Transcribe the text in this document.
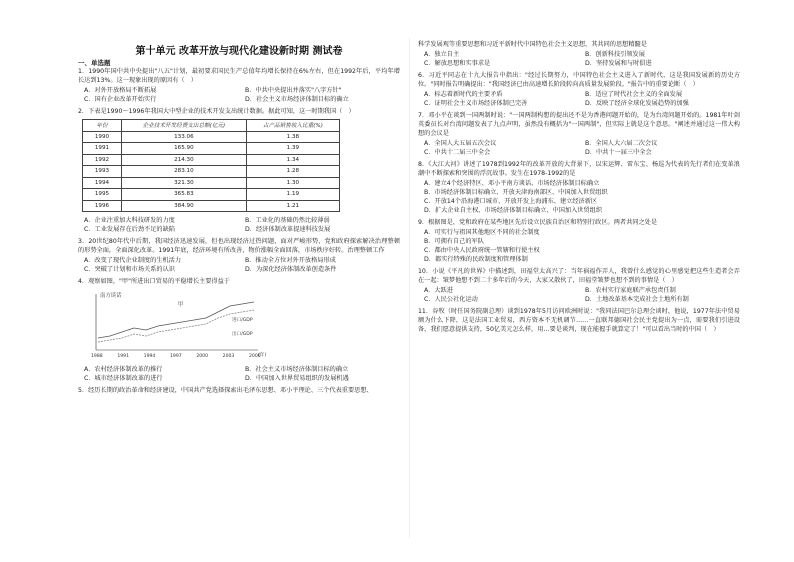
第十单元 改革开放与现代化建设新时期 测试卷
一、单选题

1．1990年国中共中央提出"八五"计划，最初要求国民生产总值年均增长保持在6%左右，但在1992年后，平均年增长达到13%。这一现象出现的原因有（　）

A．对外开放格局不断拓展	B．中共中央提出并落实"八字方针"
C．国有企业改革开始实行	D．社会主义市场经济体制目标的确立

2．下表是1990～1996年我国大中型企业的技术开发支出统计数据。据此可知，这一时期我国（　）

年份	企业技术开发经费支出总额(亿元)	占产品销售收入比重(%)
1990	133.06	1.38
1991	165.90	1.39
1992	214.30	1.34
1993	283.10	1.28
1994	321.30	1.30
1995	365.83	1.19
1996	384.90	1.21
A．企业注重加大科技研发的力度	B．工业化的基础仍然比较薄弱
C．工业发展存在后劲不足的缺陷	D．经济体制改革提速科技发展

3．20世纪80年代中后期，我国经济迅速发展，但也出现经济过热问题，面对严峻形势，党和政府探索解决治理整顿的形势全面，全面深化改革。1991年底，经济环境有所改善，物价涨幅全面回落，市场秩序好转。治理整顿工作

A．改变了现代企业制度的生机活力	B．推动全方位对外开放格局形成
C．突破了计划和市场关系的认识	D．为深化经济体制改革创造条件

4．观察如图，"甲"所进出口贸易的平稳增长主要得益于

南方谈话
甲
进口/GDP
出口/GDP
1988	1991	1994	1997	2000	2003	2006
(年)
A．农村经济体制改革的推行	B．社会主义市场经济体制目标的确立
C．城市经济体制改革的进行	D．中国加入世界贸易组织的发展机遇

5．经历长期的政治革命和经济建设，中国共产党选择探索出毛泽东思想、邓小平理论、三个代表重要思想、

科学发展观等重要思想和习近平新时代中国特色社会主义思想，其共同的思想精髓是

A．独立自主	B．创新科技引领发展
C．解放思想和实事求是	D．坚持发展和与时俱进

6．习近平同志在十九大报告中指出："经过长期努力，中国特色社会主义进入了新时代，这是我国发展新的历史方位。"同时报告明确提出："我国经济已由高速增长阶段转向高质量发展阶段。"报告中的重要论断（　）

A．标志着新时代的主要矛盾	B．适应了时代社会主义的全面发展
C．证明社会主义市场经济体制已完善	D．反映了经济全球化发展趋势的加强

7．邓小平在谈到一国两制时说："一国两制构想的提出还不是为香港问题开始的，是为台湾问题开始的。1981年叶剑英委员长对台湾问题发表了九点声明，虽然没有概括为"一国两制"，但实际上就是这个意思。"阐述并通过这一伟大构想的会议是

A．全国人大五届五次会议	B．全国人大六届二次会议
C．中共十二届三中全会	D．中共十一届三中全会

8．《大江大河》讲述了1978到1992年的改革开放的大背景下，以宋运辉、雷东宝、杨巡为代表的先行者们在变革浪潮中不断探索和突围的浮沉故事。发生在1978-1992的是

A．建立4个经济特区、邓小平南方谈话、市场经济体制目标确立
B．市场经济体制目标确立、开放天津海南部区、中国加入世贸组织
C．开放14个沿海港口城市、开放开发上海浦东、建立经济新区
D．扩大企业自主权、市场经济体制目标确立、中国加入世贸组织

9．根据图是，党和政府在某些地区先后设立民族自治区和特别行政区。两者共同之处是

A．可实行与祖国其他地区不同的社会制度
B．可拥有自己的军队
C．都由中央人民政府统一管辖和行使主权
D．都实行特殊的民政制度和管理体制

10．小说《平凡的世界》中描述到，田福堂太高兴了：当年祸福作弄人，我曾什么感觉的心里感觉把这些生造者会弄在一起：皱梦他想不到二十多年后的今天，大家又散伙了，田福堂皱梦也想不到的事情是（　）

A．大跃进	B．农村实行家庭联产承包责任制
C．人民公社化运动	D．土地改革基本完成社会土地所有制

11．谷牧（时任国务院副总理）谈到1978年5月访问欧洲时说："我同法国巴尔总理会谈时，他说，1977年法中贸易额为什么下降，这是法国工业贸易，西方资本不无机调节……一直联邦德国社会民主党提出为一点，需要我们引进设备，我们愿意提供支持，50亿美元怎么样，用…要是谈判，现在能握手就算定了！"可以看出当时的中国（　）
